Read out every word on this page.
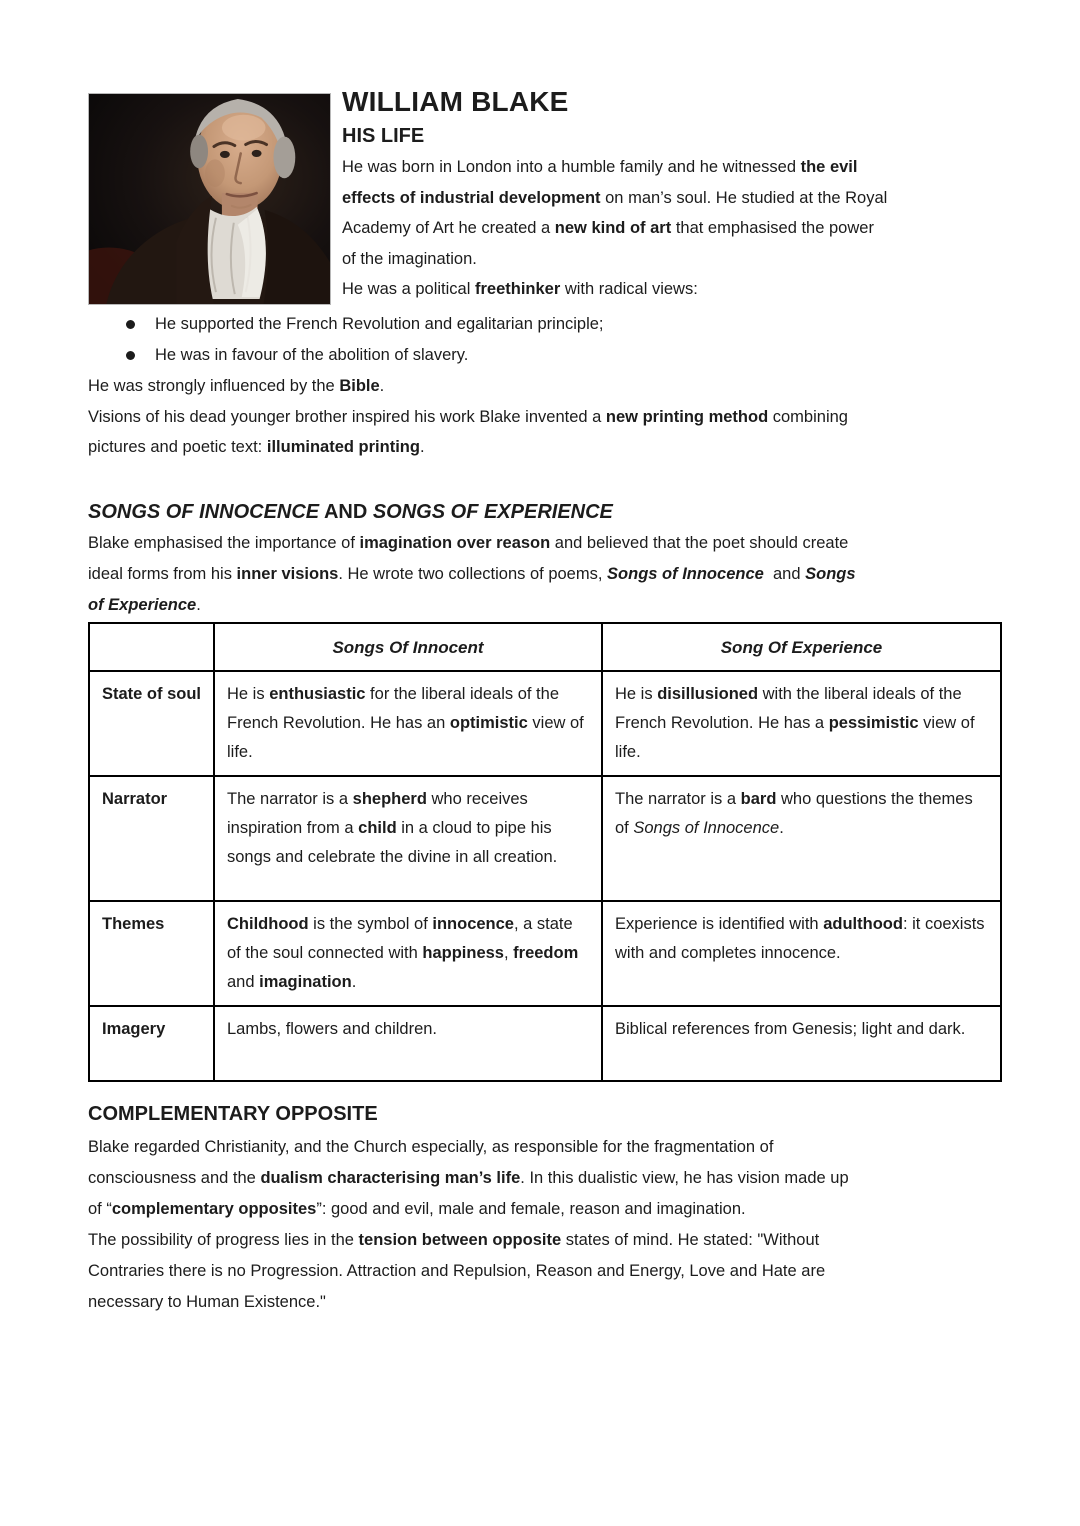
WILLIAM BLAKE
HIS LIFE
He was born in London into a humble family and he witnessed the evil
effects of industrial development on man’s soul. He studied at the Royal
Academy of Art he created a new kind of art that emphasised the power
of the imagination.
He was a political freethinker with radical views:
He supported the French Revolution and egalitarian principle;
He was in favour of the abolition of slavery.
He was strongly influenced by the Bible.
Visions of his dead younger brother inspired his work Blake invented a new printing method combining
pictures and poetic text: illuminated printing.
SONGS OF INNOCENCE AND SONGS OF EXPERIENCE
Blake emphasised the importance of imagination over reason and believed that the poet should create
ideal forms from his inner visions. He wrote two collections of poems, Songs of Innocence  and Songs
of Experience.
	Songs Of Innocent	Song Of Experience
State of soul	He is enthusiastic for the liberal ideals of the French Revolution. He has an optimistic view of life.	He is disillusioned with the liberal ideals of the French Revolution. He has a pessimistic view of life.
Narrator	The narrator is a shepherd who receives inspiration from a child in a cloud to pipe his songs and celebrate the divine in all creation.	The narrator is a bard who questions the themes of Songs of Innocence.
Themes	Childhood is the symbol of innocence, a state of the soul connected with happiness, freedom and imagination.	Experience is identified with adulthood: it coexists with and completes innocence.
Imagery	Lambs, flowers and children.	Biblical references from Genesis; light and dark.
COMPLEMENTARY OPPOSITE
Blake regarded Christianity, and the Church especially, as responsible for the fragmentation of
consciousness and the dualism characterising man’s life. In this dualistic view, he has vision made up
of “complementary opposites”: good and evil, male and female, reason and imagination.
The possibility of progress lies in the tension between opposite states of mind. He stated: "Without
Contraries there is no Progression. Attraction and Repulsion, Reason and Energy, Love and Hate are
necessary to Human Existence."
